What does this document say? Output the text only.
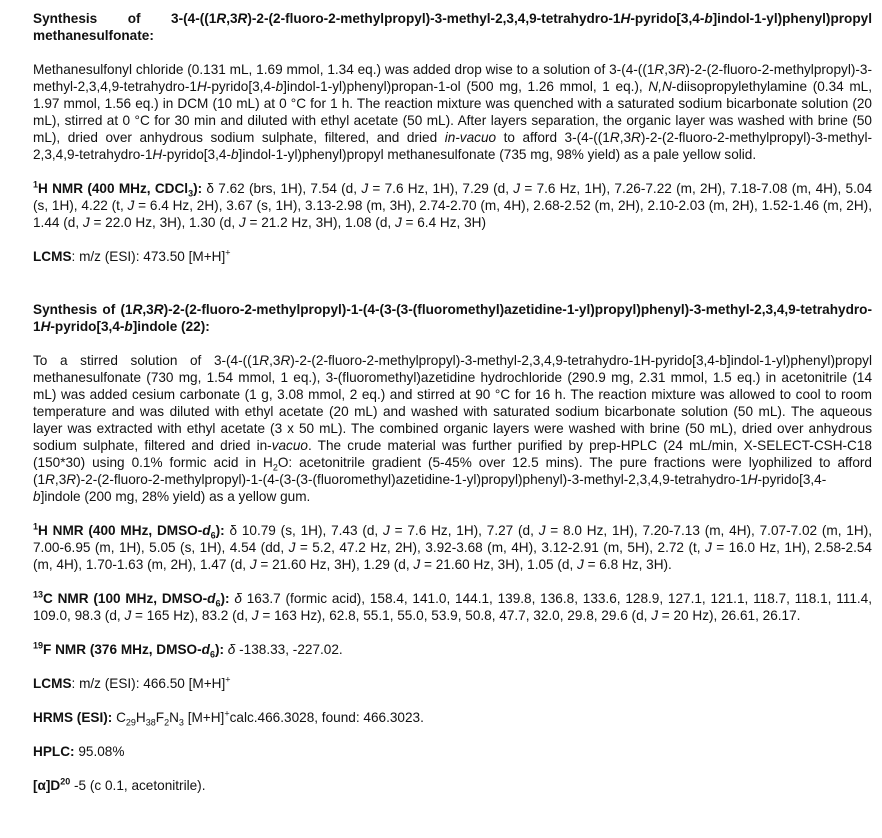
Synthesis of 3-(4-((1R,3R)-2-(2-fluoro-2-methylpropyl)-3-methyl-2,3,4,9-tetrahydro-1H-pyrido[3,4-b]indol-1-yl)phenyl)propyl methanesulfonate:

Methanesulfonyl chloride (0.131 mL, 1.69 mmol, 1.34 eq.) was added drop wise to a solution of 3-(4-((1R,3R)-2-(2-fluoro-2-methylpropyl)-3-methyl-2,3,4,9-tetrahydro-1H-pyrido[3,4-b]indol-1-yl)phenyl)propan-1-ol (500 mg, 1.26 mmol, 1 eq.), N,N-diisopropylethylamine (0.34 mL, 1.97 mmol, 1.56 eq.) in DCM (10 mL) at 0 °C for 1 h. The reaction mixture was quenched with a saturated sodium bicarbonate solution (20 mL), stirred at 0 °C for 30 min and diluted with ethyl acetate (50 mL). After layers separation, the organic layer was washed with brine (50 mL), dried over anhydrous sodium sulphate, filtered, and dried in-vacuo to afford 3-(4-((1R,3R)-2-(2-fluoro-2-methylpropyl)-3-methyl-2,3,4,9-tetrahydro-1H-pyrido[3,4-b]indol-1-yl)phenyl)propyl methanesulfonate (735 mg, 98% yield) as a pale yellow solid.

$^1$H NMR (400 MHz, CDCl$_3$): δ 7.62 (brs, 1H), 7.54 (d, J = 7.6 Hz, 1H), 7.29 (d, J = 7.6 Hz, 1H), 7.26-7.22 (m, 2H), 7.18-7.08 (m, 4H), 5.04 (s, 1H), 4.22 (t, J = 6.4 Hz, 2H), 3.67 (s, 1H), 3.13-2.98 (m, 3H), 2.74-2.70 (m, 4H), 2.68-2.52 (m, 2H), 2.10-2.03 (m, 2H), 1.52-1.46 (m, 2H), 1.44 (d, J = 22.0 Hz, 3H), 1.30 (d, J = 21.2 Hz, 3H), 1.08 (d, J = 6.4 Hz, 3H)

LCMS: m/z (ESI): 473.50 [M+H]+

Synthesis of (1R,3R)-2-(2-fluoro-2-methylpropyl)-1-(4-(3-(3-(fluoromethyl)azetidine-1-yl)propyl)phenyl)-3-methyl-2,3,4,9-tetrahydro-1H-pyrido[3,4-b]indole (22):

To a stirred solution of 3-(4-((1R,3R)-2-(2-fluoro-2-methylpropyl)-3-methyl-2,3,4,9-tetrahydro-1H-pyrido[3,4-b]indol-1-yl)phenyl)propyl methanesulfonate (730 mg, 1.54 mmol, 1 eq.), 3-(fluoromethyl)azetidine hydrochloride (290.9 mg, 2.31 mmol, 1.5 eq.) in acetonitrile (14 mL) was added cesium carbonate (1 g, 3.08 mmol, 2 eq.) and stirred at 90 °C for 16 h. The reaction mixture was allowed to cool to room temperature and was diluted with ethyl acetate (20 mL) and washed with saturated sodium bicarbonate solution (50 mL). The aqueous layer was extracted with ethyl acetate (3 x 50 mL). The combined organic layers were washed with brine (50 mL), dried over anhydrous sodium sulphate, filtered and dried in-vacuo. The crude material was further purified by prep-HPLC (24 mL/min, X-SELECT-CSH-C18 (150*30) using 0.1% formic acid in $H_2O$: acetonitrile gradient (5-45% over 12.5 mins). The pure fractions were lyophilized to afford (1R,3R)-2-(2-fluoro-2-methylpropyl)-1-(4-(3-(3-(fluoromethyl)azetidine-1-yl)propyl)phenyl)-3-methyl-2,3,4,9-tetrahydro-1H-pyrido[3,4-b]indole (200 mg, 28% yield) as a yellow gum.

$^1$H NMR (400 MHz, DMSO-$d_6$): δ 10.79 (s, 1H), 7.43 (d, J = 7.6 Hz, 1H), 7.27 (d, J = 8.0 Hz, 1H), 7.20-7.13 (m, 4H), 7.07-7.02 (m, 1H), 7.00-6.95 (m, 1H), 5.05 (s, 1H), 4.54 (dd, J = 5.2, 47.2 Hz, 2H), 3.92-3.68 (m, 4H), 3.12-2.91 (m, 5H), 2.72 (t, J = 16.0 Hz, 1H), 2.58-2.54 (m, 4H), 1.70-1.63 (m, 2H), 1.47 (d, J = 21.60 Hz, 3H), 1.29 (d, J = 21.60 Hz, 3H), 1.05 (d, J = 6.8 Hz, 3H).

$^{13}$C NMR (100 MHz, DMSO-$d_6$): δ 163.7 (formic acid), 158.4, 141.0, 144.1, 139.8, 136.8, 133.6, 128.9, 127.1, 121.1, 118.7, 118.1, 111.4, 109.0, 98.3 (d, J = 165 Hz), 83.2 (d, J = 163 Hz), 62.8, 55.1, 55.0, 53.9, 50.8, 47.7, 32.0, 29.8, 29.6 (d, J = 20 Hz), 26.61, 26.17.

$^{19}$F NMR (376 MHz, DMSO-$d_6$): δ -138.33, -227.02.

LCMS: m/z (ESI): 466.50 [M+H]+

HRMS (ESI): $C_{29}H_{38}F_2N_3$ [M+H]+calc.466.3028, found: 466.3023.

HPLC: 95.08%

$[\alpha]D^{20}$ -5 (c 0.1, acetonitrile).
